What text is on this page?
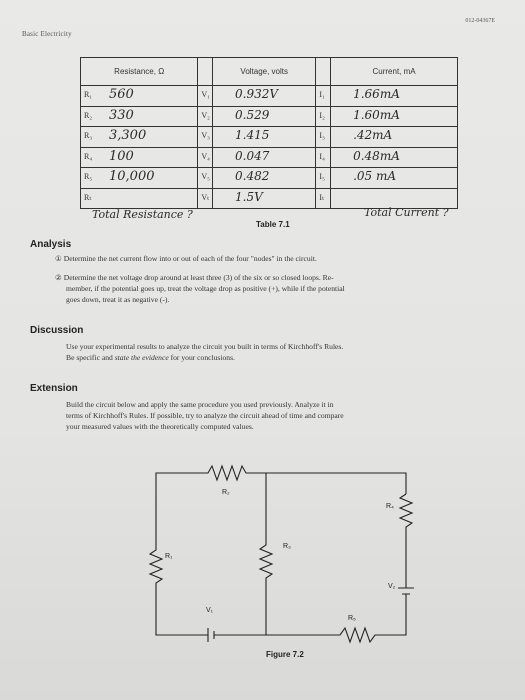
Basic Electricity
012-04367E
Resistance, Ω		Voltage, volts		Current, mA

R₁ 560	V₁	0.932V	I₁	1.66mA

R₂ 330	V₂	0.529	I₂	1.60mA

R₃ 3,300	V₃	1.415	I₃	.42mA

R₄ 100	V₄	0.047	I₄	0.48mA

R₅ 10,000	V₅	0.482	I₅	.05 mA

Rₜ	Vₜ	1.5V	Iₜ	

Total Resistance ?	Total Current ?
Table 7.1
Analysis
① Determine the net current flow into or out of each of the four "nodes" in the circuit.
② Determine the net voltage drop around at least three (3) of the six or so closed loops. Re-
member, if the potential goes up, treat the voltage drop as positive (+), while if the potential
goes down, treat it as negative (-).
Discussion
Use your experimental results to analyze the circuit you built in terms of Kirchhoff's Rules.
Be specific and state the evidence for your conclusions.
Extension
Build the circuit below and apply the same procedure you used previously. Analyze it in
terms of Kirchhoff's Rules. If possible, try to analyze the circuit ahead of time and compare
your measured values with the theoretically computed values.
R₂
R₁
R₃
R₄
R₅
V₁
V₂
Figure 7.2
